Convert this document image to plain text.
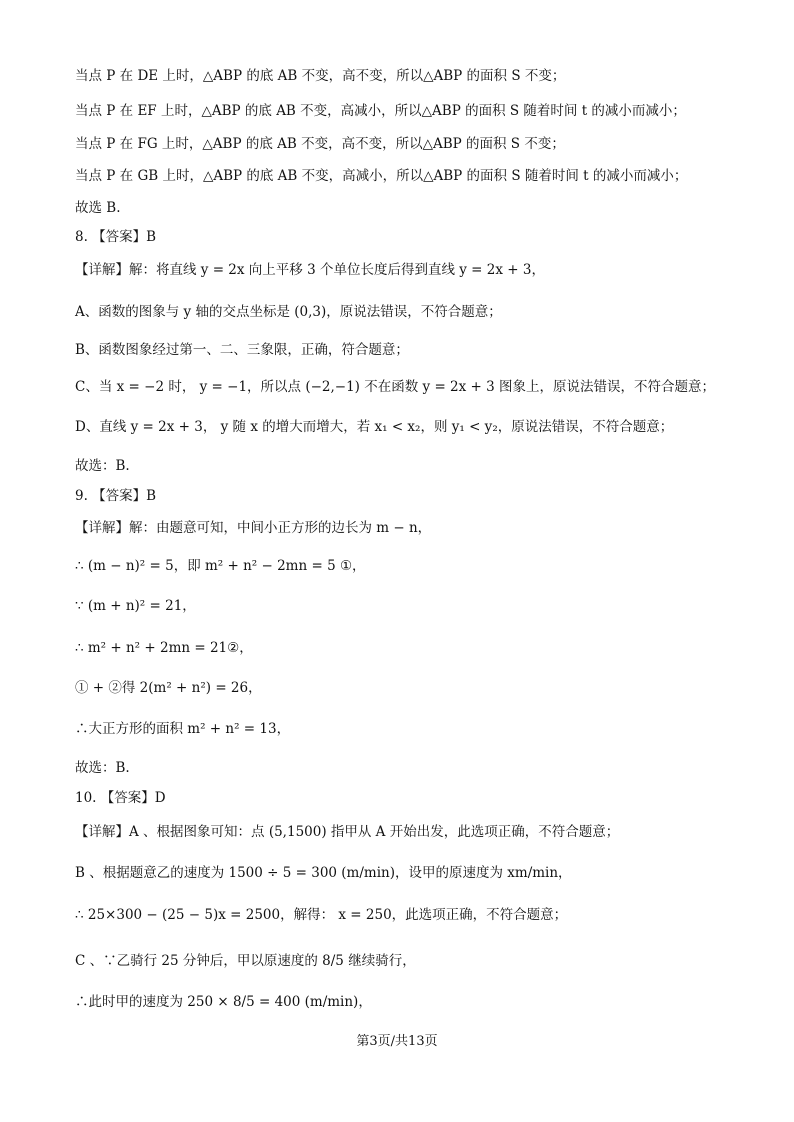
当点 P 在 DE 上时，△ABP 的底 AB 不变，高不变，所以△ABP 的面积 S 不变；
当点 P 在 EF 上时，△ABP 的底 AB 不变，高减小，所以△ABP 的面积 S 随着时间 t 的减小而减小；
当点 P 在 FG 上时，△ABP 的底 AB 不变，高不变，所以△ABP 的面积 S 不变；
当点 P 在 GB 上时，△ABP 的底 AB 不变，高减小，所以△ABP 的面积 S 随着时间 t 的减小而减小；
故选 B.
8. 【答案】B
【详解】解：将直线 y = 2x 向上平移 3 个单位长度后得到直线 y = 2x + 3，
A、函数的图象与 y 轴的交点坐标是 (0,3)，原说法错误，不符合题意；
B、函数图象经过第一、二、三象限，正确，符合题意；
C、当 x = −2 时， y = −1，所以点 (−2,−1) 不在函数 y = 2x + 3 图象上，原说法错误，不符合题意；
D、直线 y = 2x + 3， y 随 x 的增大而增大，若 x₁ < x₂，则 y₁ < y₂，原说法错误，不符合题意；
故选：B.
9. 【答案】B
【详解】解：由题意可知，中间小正方形的边长为 m − n，
∴ (m − n)² = 5，即 m² + n² − 2mn = 5 ①，
∵ (m + n)² = 21，
∴ m² + n² + 2mn = 21②，
① + ②得 2(m² + n²) = 26，
∴大正方形的面积 m² + n² = 13，
故选：B.
10. 【答案】D
【详解】A 、根据图象可知：点 (5,1500) 指甲从 A 开始出发，此选项正确，不符合题意；
B 、根据题意乙的速度为 1500 ÷ 5 = 300 (m/min)，设甲的原速度为 xm/min，
∴ 25×300 − (25 − 5)x = 2500，解得： x = 250，此选项正确，不符合题意；
C 、∵乙骑行 25 分钟后，甲以原速度的 8/5 继续骑行，
∴此时甲的速度为 250 × 8/5 = 400 (m/min)，
第3页/共13页
